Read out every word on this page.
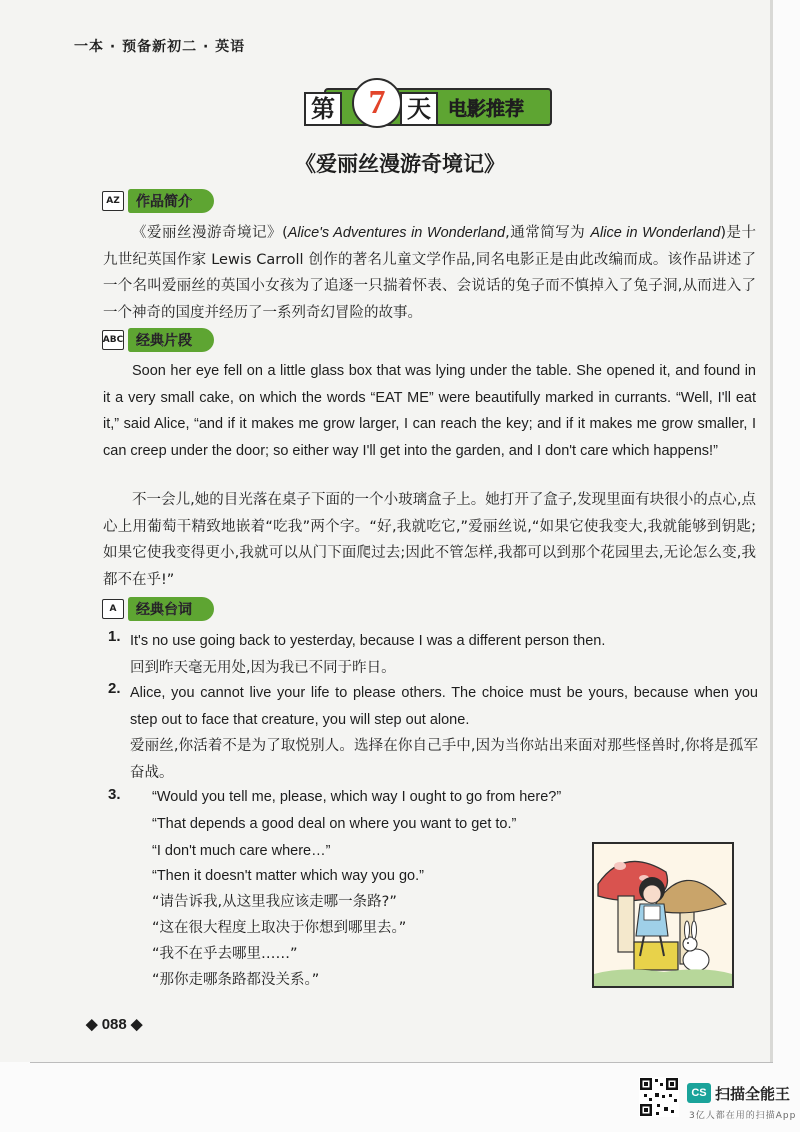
一本 · 预备新初二 · 英语
第 7 天 电影推荐
《爱丽丝漫游奇境记》
AZ	作品简介

《爱丽丝漫游奇境记》(Alice's Adventures in Wonderland,通常简写为 Alice in Wonderland)是十九世纪英国作家 Lewis Carroll 创作的著名儿童文学作品,同名电影正是由此改编而成。该作品讲述了一个名叫爱丽丝的英国小女孩为了追逐一只揣着怀表、会说话的兔子而不慎掉入了兔子洞,从而进入了一个神奇的国度并经历了一系列奇幻冒险的故事。

ABC 经典片段

Soon her eye fell on a little glass box that was lying under the table. She opened it, and found in it a very small cake, on which the words “EAT ME” were beautifully marked in currants. “Well, I'll eat it,” said Alice, “and if it makes me grow larger, I can reach the key; and if it makes me grow smaller, I can creep under the door; so either way I'll get into the garden, and I don't care which happens!”

不一会儿,她的目光落在桌子下面的一个小玻璃盒子上。她打开了盒子,发现里面有块很小的点心,点心上用葡萄干精致地嵌着“吃我”两个字。“好,我就吃它,”爱丽丝说,“如果它使我变大,我就能够到钥匙;如果它使我变得更小,我就可以从门下面爬过去;因此不管怎样,我都可以到那个花园里去,无论怎么变,我都不在乎!”

A	经典台词
1. It's no use going back to yesterday, because I was a different person then.

回到昨天毫无用处,因为我已不同于昨日。

2. Alice, you cannot live your life to please others. The choice must be yours, because when you step out to face that creature, you will step out alone.

爱丽丝,你活着不是为了取悦别人。选择在你自己手中,因为当你站出来面对那些怪兽时,你将是孤军奋战。

3. “Would you tell me, please, which way I ought to go from here?”
“That depends a good deal on where you want to get to.”
“I don't much care where…”
“Then it doesn't matter which way you go.”
“请告诉我,从这里我应该走哪一条路?”
“这在很大程度上取决于你想到哪里去。”
“我不在乎去哪里……”
“那你走哪条路都没关系。”
◆ 088 ◆
CS 扫描全能王
3亿人都在用的扫描App
